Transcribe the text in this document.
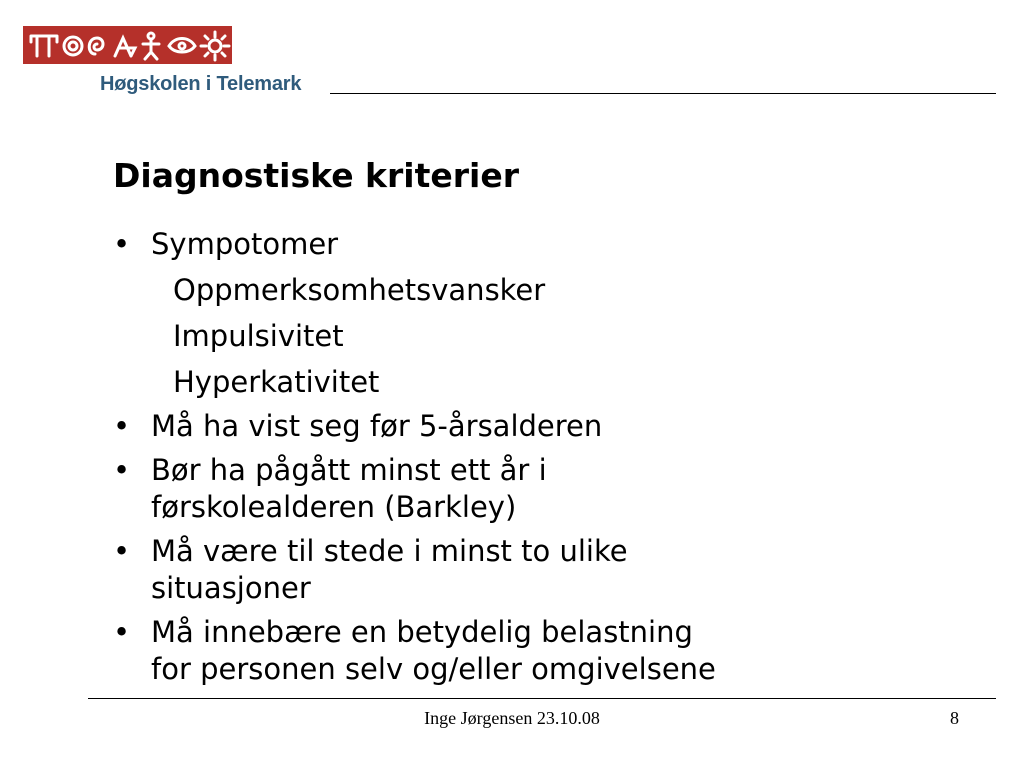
Høgskolen i Telemark
Diagnostiske kriterier
• Sympotomer
Oppmerksomhetsvansker
Impulsivitet
Hyperkativitet
• Må ha vist seg før 5-årsalderen
• Bør ha pågått minst ett år i
førskolealderen (Barkley)
• Må være til stede i minst to ulike
situasjoner
• Må innebære en betydelig belastning
for personen selv og/eller omgivelsene
Inge Jørgensen 23.10.08	8
